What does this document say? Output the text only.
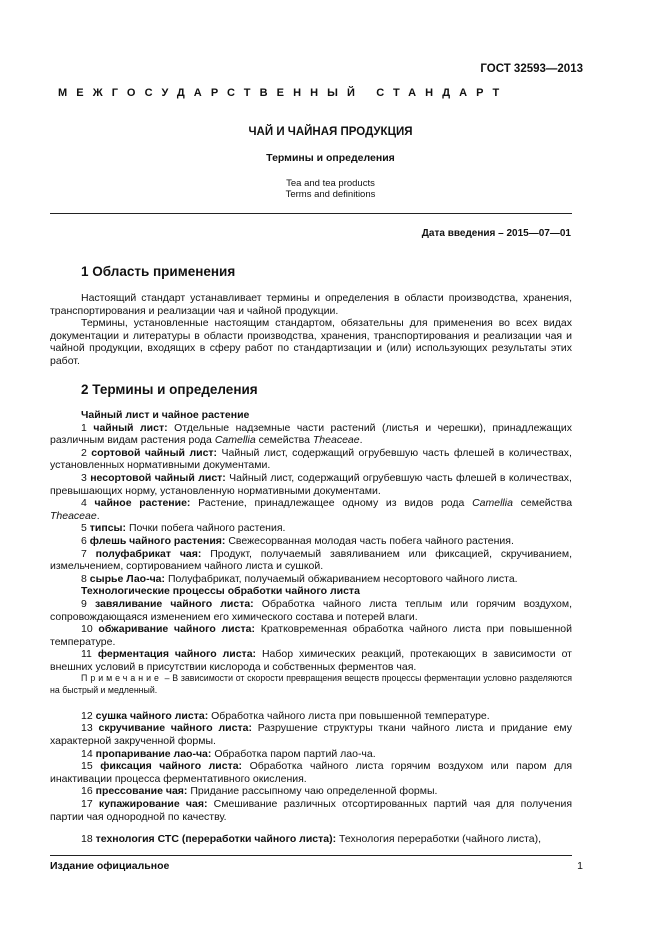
ГОСТ 32593—2013
МЕЖГОСУДАРСТВЕННЫЙ СТАНДАРТ
ЧАЙ И ЧАЙНАЯ ПРОДУКЦИЯ
Термины и определения
Tea and tea products
Terms and definitions
Дата введения – 2015—07—01
1 Область применения

Настоящий стандарт устанавливает термины и определения в области производства, хранения, транспортирования и реализации чая и чайной продукции.

Термины, установленные настоящим стандартом, обязательны для применения во всех видах документации и литературы в области производства, хранения, транспортирования и реализации чая и чайной продукции, входящих в сферу работ по стандартизации и (или) использующих результаты этих работ.

2 Термины и определения

Чайный лист и чайное растение

1 чайный лист: Отдельные надземные части растений (листья и черешки), принадлежащих различным видам растения рода Camellia семейства Theaceae.

2 сортовой чайный лист: Чайный лист, содержащий огрубевшую часть флешей в количествах, установленных нормативными документами.

3 несортовой чайный лист: Чайный лист, содержащий огрубевшую часть флешей в количествах, превышающих норму, установленную нормативными документами.

4 чайное растение: Растение, принадлежащее одному из видов рода Camellia семейства Theaceae.

5 типсы: Почки побега чайного растения.

6 флешь чайного растения: Свежесорванная молодая часть побега чайного растения.

7 полуфабрикат чая: Продукт, получаемый завяливанием или фиксацией, скручиванием, измельчением, сортированием чайного листа и сушкой.

8 сырье Лао-ча: Полуфабрикат, получаемый обжариванием несортового чайного листа.

Технологические процессы обработки чайного листа

9 завяливание чайного листа: Обработка чайного листа теплым или горячим воздухом, сопровождающаяся изменением его химического состава и потерей влаги.

10 обжаривание чайного листа: Кратковременная обработка чайного листа при повышенной температуре.

11 ферментация чайного листа: Набор химических реакций, протекающих в зависимости от внешних условий в присутствии кислорода и собственных ферментов чая.

Примечание – В зависимости от скорости превращения веществ процессы ферментации условно разделяются на быстрый и медленный.

12 сушка чайного листа: Обработка чайного листа при повышенной температуре.

13 скручивание чайного листа: Разрушение структуры ткани чайного листа и придание ему характерной закрученной формы.

14 пропаривание лао-ча: Обработка паром партий лао-ча.

15 фиксация чайного листа: Обработка чайного листа горячим воздухом или паром для инактивации процесса ферментативного окисления.

16 прессование чая: Придание рассыпному чаю определенной формы.

17 купажирование чая: Смешивание различных отсортированных партий чая для получения партии чая однородной по качеству.

18 технология СТС (переработки чайного листа): Технология переработки (чайного листа),

Издание официальное	1
